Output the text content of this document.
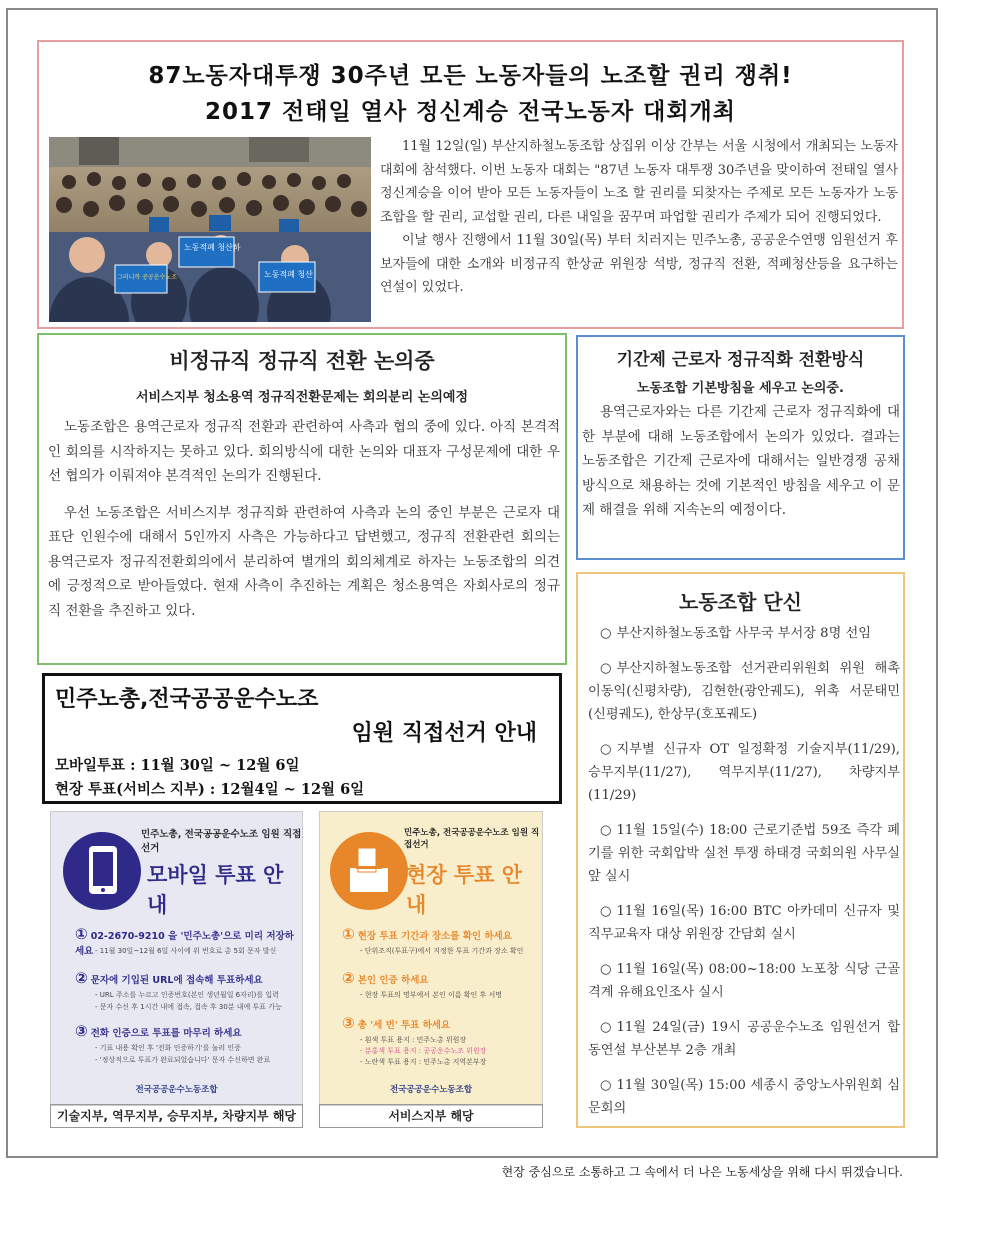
87노동자대투쟁 30주년 모든 노동자들의 노조할 권리 쟁취!
2017 전태일 열사 정신계승 전국노동자 대회개최
노동적폐 청산하
노동적폐 청산
그러니까 공공운수노조

11월 12일(일) 부산지하철노동조합 상집위 이상 간부는 서울 시청에서 개최되는 노동자대회에 참석했다. 이번 노동자 대회는 "87년 노동자 대투쟁 30주년을 맞이하여 전태일 열사 정신계승을 이어 받아 모든 노동자들이 노조 할 권리를 되찾자는 주제로 모든 노동자가 노동조합을 할 권리, 교섭할 권리, 다른 내일을 꿈꾸며 파업할 권리가 주제가 되어 진행되었다.

이날 행사 진행에서 11월 30일(목) 부터 치러지는 민주노총, 공공운수연맹 임원선거 후보자들에 대한 소개와 비정규직 한상균 위원장 석방, 정규직 전환, 적폐청산등을 요구하는 연설이 있었다.

비정규직 정규직 전환 논의중
서비스지부 청소용역 정규직전환문제는 회의분리 논의예정

노동조합은 용역근로자 정규직 전환과 관련하여 사측과 협의 중에 있다. 아직 본격적인 회의를 시작하지는 못하고 있다. 회의방식에 대한 논의와 대표자 구성문제에 대한 우선 협의가 이뤄져야 본격적인 논의가 진행된다.

우선 노동조합은 서비스지부 정규직화 관련하여 사측과 논의 중인 부분은 근로자 대표단 인원수에 대해서 5인까지 사측은 가능하다고 답변했고, 정규직 전환관련 회의는 용역근로자 정규직전환회의에서 분리하여 별개의 회의체계로 하자는 노동조합의 의견에 긍정적으로 받아들였다. 현재 사측이 추진하는 계획은 청소용역은 자회사로의 정규직 전환을 추진하고 있다.

기간제 근로자 정규직화 전환방식
노동조합 기본방침을 세우고 논의중.

용역근로자와는 다른 기간제 근로자 정규직화에 대한 부분에 대해 노동조합에서 논의가 있었다. 결과는 노동조합은 기간제 근로자에 대해서는 일반경쟁 공채방식으로 채용하는 것에 기본적인 방침을 세우고 이 문제 해결을 위해 지속논의 예정이다.

노동조합 단신
○ 부산지하철노동조합 사무국 부서장 8명 선임
○ 부산지하철노동조합 선거관리위원회 위원 해촉 이동익(신평차량), 김현한(광안궤도), 위촉 서문태민(신평궤도), 한상무(호포궤도)
○ 지부별 신규자 OT 일정확정 기술지부(11/29), 승무지부(11/27), 역무지부(11/27), 차량지부(11/29)
○ 11월 15일(수) 18:00 근로기준법 59조 즉각 폐기를 위한 국회압박 실천 투쟁 하태경 국회의원 사무실 앞 실시
○ 11월 16일(목) 16:00 BTC 아카데미 신규자 및 직무교육자 대상 위원장 간담회 실시
○ 11월 16일(목) 08:00~18:00 노포창 식당 근골격계 유해요인조사 실시
○ 11월 24일(금) 19시 공공운수노조 임원선거 합동연설 부산본부 2층 개최
○ 11월 30일(목) 15:00 세종시 중앙노사위원회 심문회의
민주노총,전국공공운수노조
임원 직접선거 안내
모바일투표 : 11월 30일 ~ 12월 6일
현장 투표(서비스 지부) : 12월4일 ~ 12월 6일
민주노총, 전국공공운수노조 임원 직접선거
모바일 투표 안내
① 02-2670-9210 을 '민주노총'으로 미리 저장하세요 - 11월 30일~12월 6일 사이에 위 번호로 총 5회 문자 발신
② 문자에 기입된 URL에 접속해 투표하세요
- URL 주소를 누르고 인증번호(본인 생년월일 6자리)를 입력
- 문자 수신 후 1시간 내에 접속, 접속 후 30분 내에 투표 가능
③ 전화 인증으로 투표를 마무리 하세요
- 기표 내용 확인 후 '전화 인증하기'를 눌러 인증
- '정상적으로 투표가 완료되었습니다' 문자 수신하면 완료
전국공공운수노동조합
기술지부, 역무지부, 승무지부, 차량지부 해당
민주노총, 전국공공운수노조 임원 직접선거
현장 투표 안내
① 현장 투표 기간과 장소를 확인 하세요
- 단위조직(투표구)에서 지정한 투표 기간과 장소 확인
② 본인 인증 하세요
- 현장 투표의 명부에서 본인 이름 확인 후 서명
③ 총 '세 번' 투표 하세요
- 흰색 투표 용지 : 민주노총 위원장
- 분홍색 투표 용지 : 공공운수노조 위원장
- 노란색 투표 용지 : 민주노총 지역본부장
전국공공운수노동조합
서비스지부 해당
현장 중심으로 소통하고 그 속에서 더 나은 노동세상을 위해 다시 뛰겠습니다.
